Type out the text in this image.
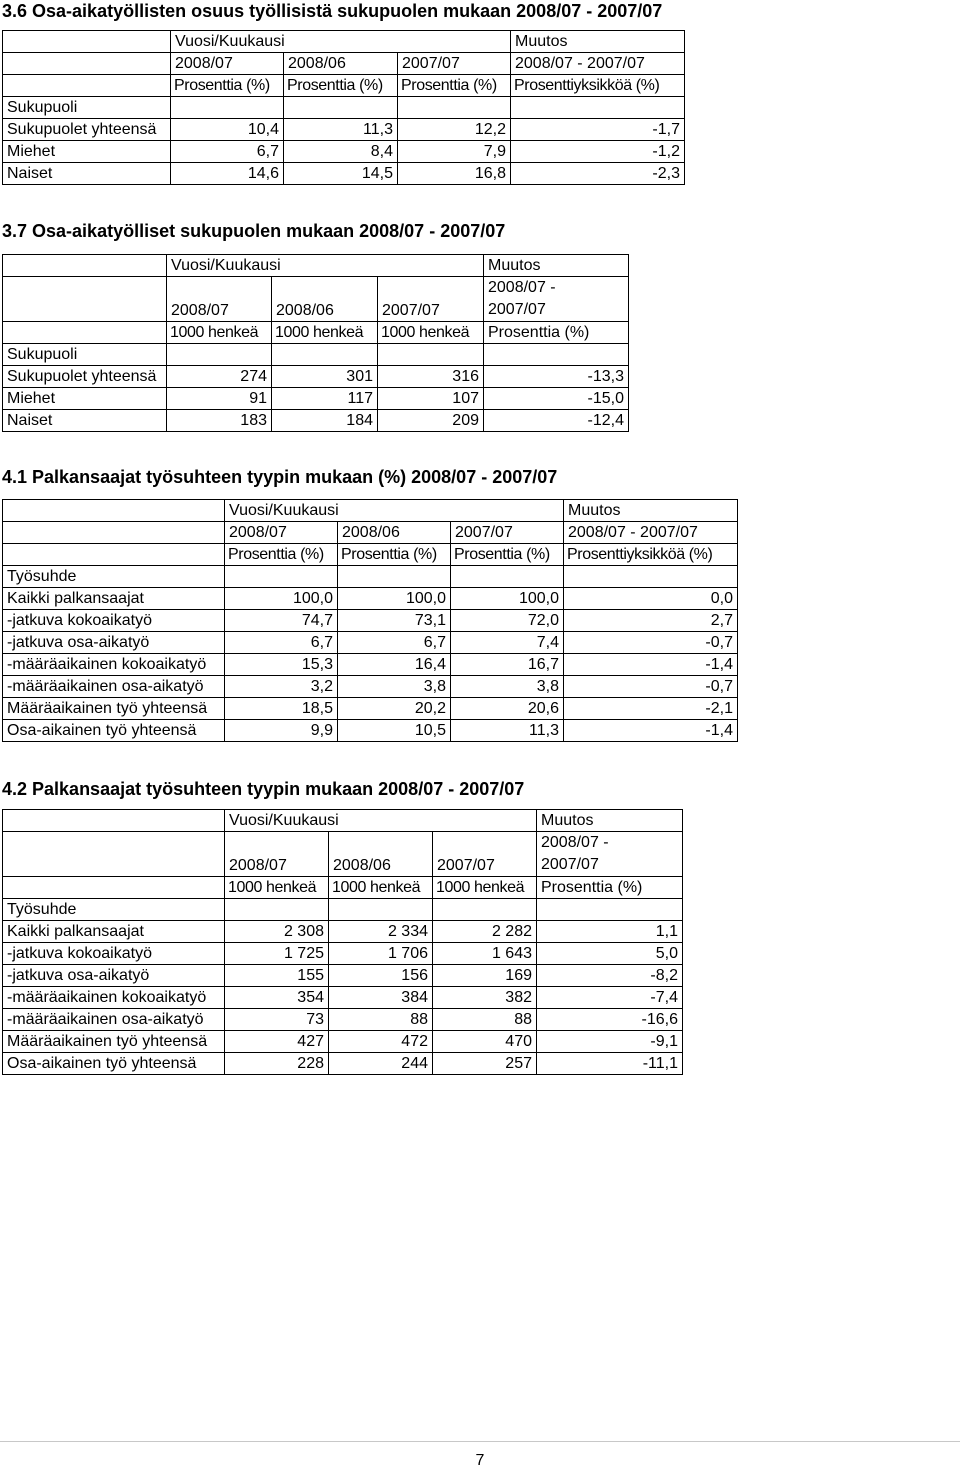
3.6 Osa-aikatyöllisten osuus työllisistä sukupuolen mukaan 2008/07 - 2007/07
	Vuosi/Kuukausi			Muutos
	2008/07	2008/06	2007/07	2008/07 - 2007/07
	Prosenttia (%)	Prosenttia (%)	Prosenttia (%)	Prosenttiyksikköä (%)
Sukupuoli				
Sukupuolet yhteensä	10,4	11,3	12,2	-1,7
Miehet	6,7	8,4	7,9	-1,2
Naiset	14,6	14,5	16,8	-2,3
3.7 Osa-aikatyölliset sukupuolen mukaan 2008/07 - 2007/07
	Vuosi/Kuukausi			Muutos
	2008/07	2008/06	2007/07	2008/07 -
2007/07
	1000 henkeä	1000 henkeä	1000 henkeä	Prosenttia (%)
Sukupuoli				
Sukupuolet yhteensä	274	301	316	-13,3
Miehet	91	117	107	-15,0
Naiset	183	184	209	-12,4
4.1 Palkansaajat työsuhteen tyypin mukaan (%) 2008/07 - 2007/07
	Vuosi/Kuukausi			Muutos
	2008/07	2008/06	2007/07	2008/07 - 2007/07
	Prosenttia (%)	Prosenttia (%)	Prosenttia (%)	Prosenttiyksikköä (%)
Työsuhde				
Kaikki palkansaajat	100,0	100,0	100,0	0,0
-jatkuva kokoaikatyö	74,7	73,1	72,0	2,7
-jatkuva osa-aikatyö	6,7	6,7	7,4	-0,7
-määräaikainen kokoaikatyö	15,3	16,4	16,7	-1,4
-määräaikainen osa-aikatyö	3,2	3,8	3,8	-0,7
Määräaikainen työ yhteensä	18,5	20,2	20,6	-2,1
Osa-aikainen työ yhteensä	9,9	10,5	11,3	-1,4
4.2 Palkansaajat työsuhteen tyypin mukaan 2008/07 - 2007/07
	Vuosi/Kuukausi			Muutos
	2008/07	2008/06	2007/07	2008/07 -
2007/07
	1000 henkeä	1000 henkeä	1000 henkeä	Prosenttia (%)
Työsuhde				
Kaikki palkansaajat	2 308	2 334	2 282	1,1
-jatkuva kokoaikatyö	1 725	1 706	1 643	5,0
-jatkuva osa-aikatyö	155	156	169	-8,2
-määräaikainen kokoaikatyö	354	384	382	-7,4
-määräaikainen osa-aikatyö	73	88	88	-16,6
Määräaikainen työ yhteensä	427	472	470	-9,1
Osa-aikainen työ yhteensä	228	244	257	-11,1
7
